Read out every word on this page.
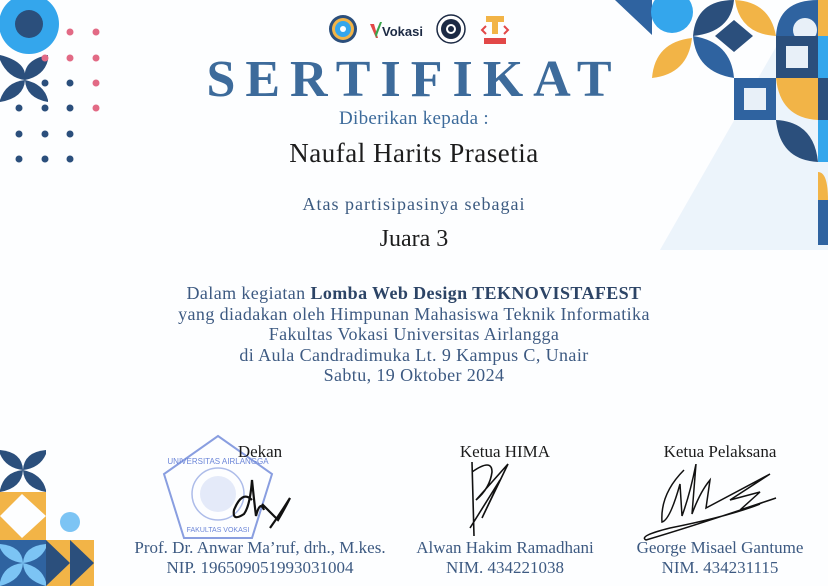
Vokasi
SERTIFIKAT
Diberikan kepada :
Naufal Harits Prasetia
Atas partisipasinya sebagai
Juara 3
Dalam kegiatan Lomba Web Design TEKNOVISTAFEST
yang diadakan oleh Himpunan Mahasiswa Teknik Informatika
Fakultas Vokasi Universitas Airlangga
di Aula Candradimuka Lt. 9 Kampus C, Unair
Sabtu, 19 Oktober 2024
UNIVERSITAS AIRLANGGA
FAKULTAS VOKASI
Dekan
Prof. Dr. Anwar Ma’ruf, drh., M.kes.
NIP. 196509051993031004
Ketua HIMA
Alwan Hakim Ramadhani
NIM. 434221038
Ketua Pelaksana
George Misael Gantume
NIM. 434231115
